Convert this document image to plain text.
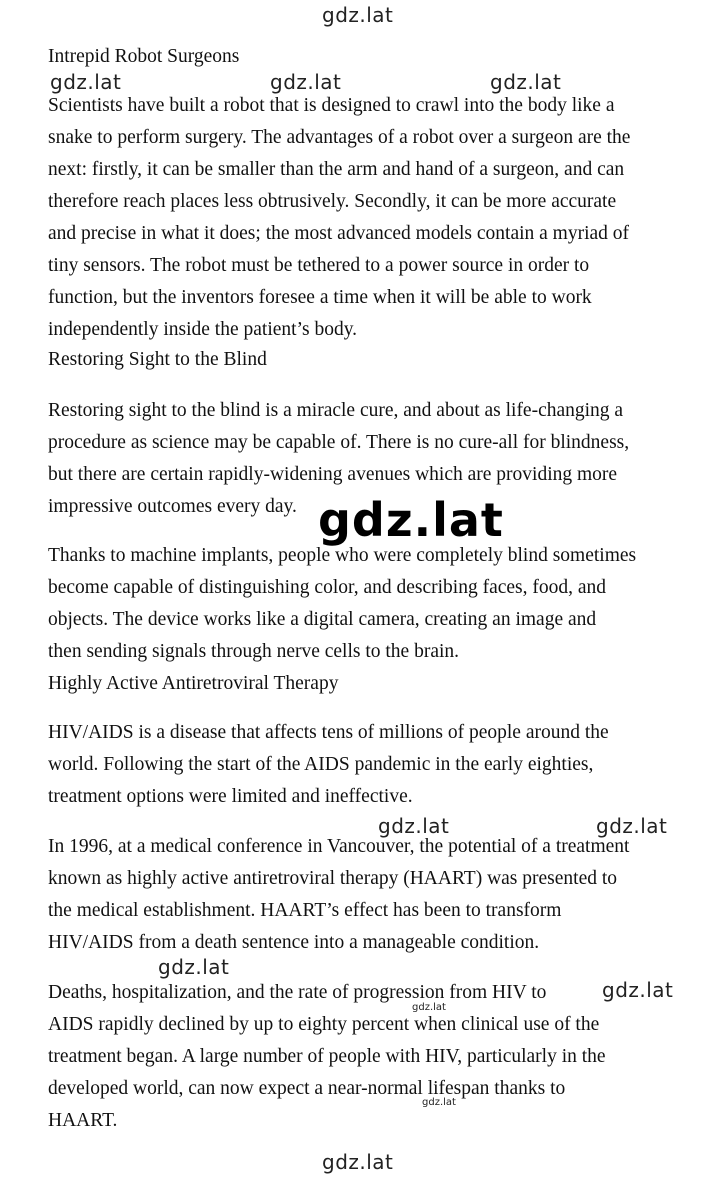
Intrepid Robot Surgeons

Scientists have built a robot that is designed to crawl into the body like a

snake to perform surgery. The advantages of a robot over a surgeon are the

next: firstly, it can be smaller than the arm and hand of a surgeon, and can

therefore reach places less obtrusively. Secondly, it can be more accurate

and precise in what it does; the most advanced models contain a myriad of

tiny sensors. The robot must be tethered to a power source in order to

function, but the inventors foresee a time when it will be able to work

independently inside the patient’s body.

Restoring Sight to the Blind

Restoring sight to the blind is a miracle cure, and about as life-changing a

procedure as science may be capable of. There is no cure-all for blindness,

but there are certain rapidly-widening avenues which are providing more

impressive outcomes every day.

Thanks to machine implants, people who were completely blind sometimes

become capable of distinguishing color, and describing faces, food, and

objects. The device works like a digital camera, creating an image and

then sending signals through nerve cells to the brain.

Highly Active Antiretroviral Therapy

HIV/AIDS is a disease that affects tens of millions of people around the

world. Following the start of the AIDS pandemic in the early eighties,

treatment options were limited and ineffective.

In 1996, at a medical conference in Vancouver, the potential of a treatment

known as highly active antiretroviral therapy (HAART) was presented to

the medical establishment. HAART’s effect has been to transform

HIV/AIDS from a death sentence into a manageable condition.

Deaths, hospitalization, and the rate of progression from HIV to

AIDS rapidly declined by up to eighty percent when clinical use of the

treatment began. A large number of people with HIV, particularly in the

developed world, can now expect a near-normal lifespan thanks to

HAART.

gdz.lat
gdz.lat	gdz.lat	gdz.lat
gdz.lat
gdz.lat	gdz.lat
gdz.lat
gdz.lat
gdz.lat
gdz.lat
gdz.lat
